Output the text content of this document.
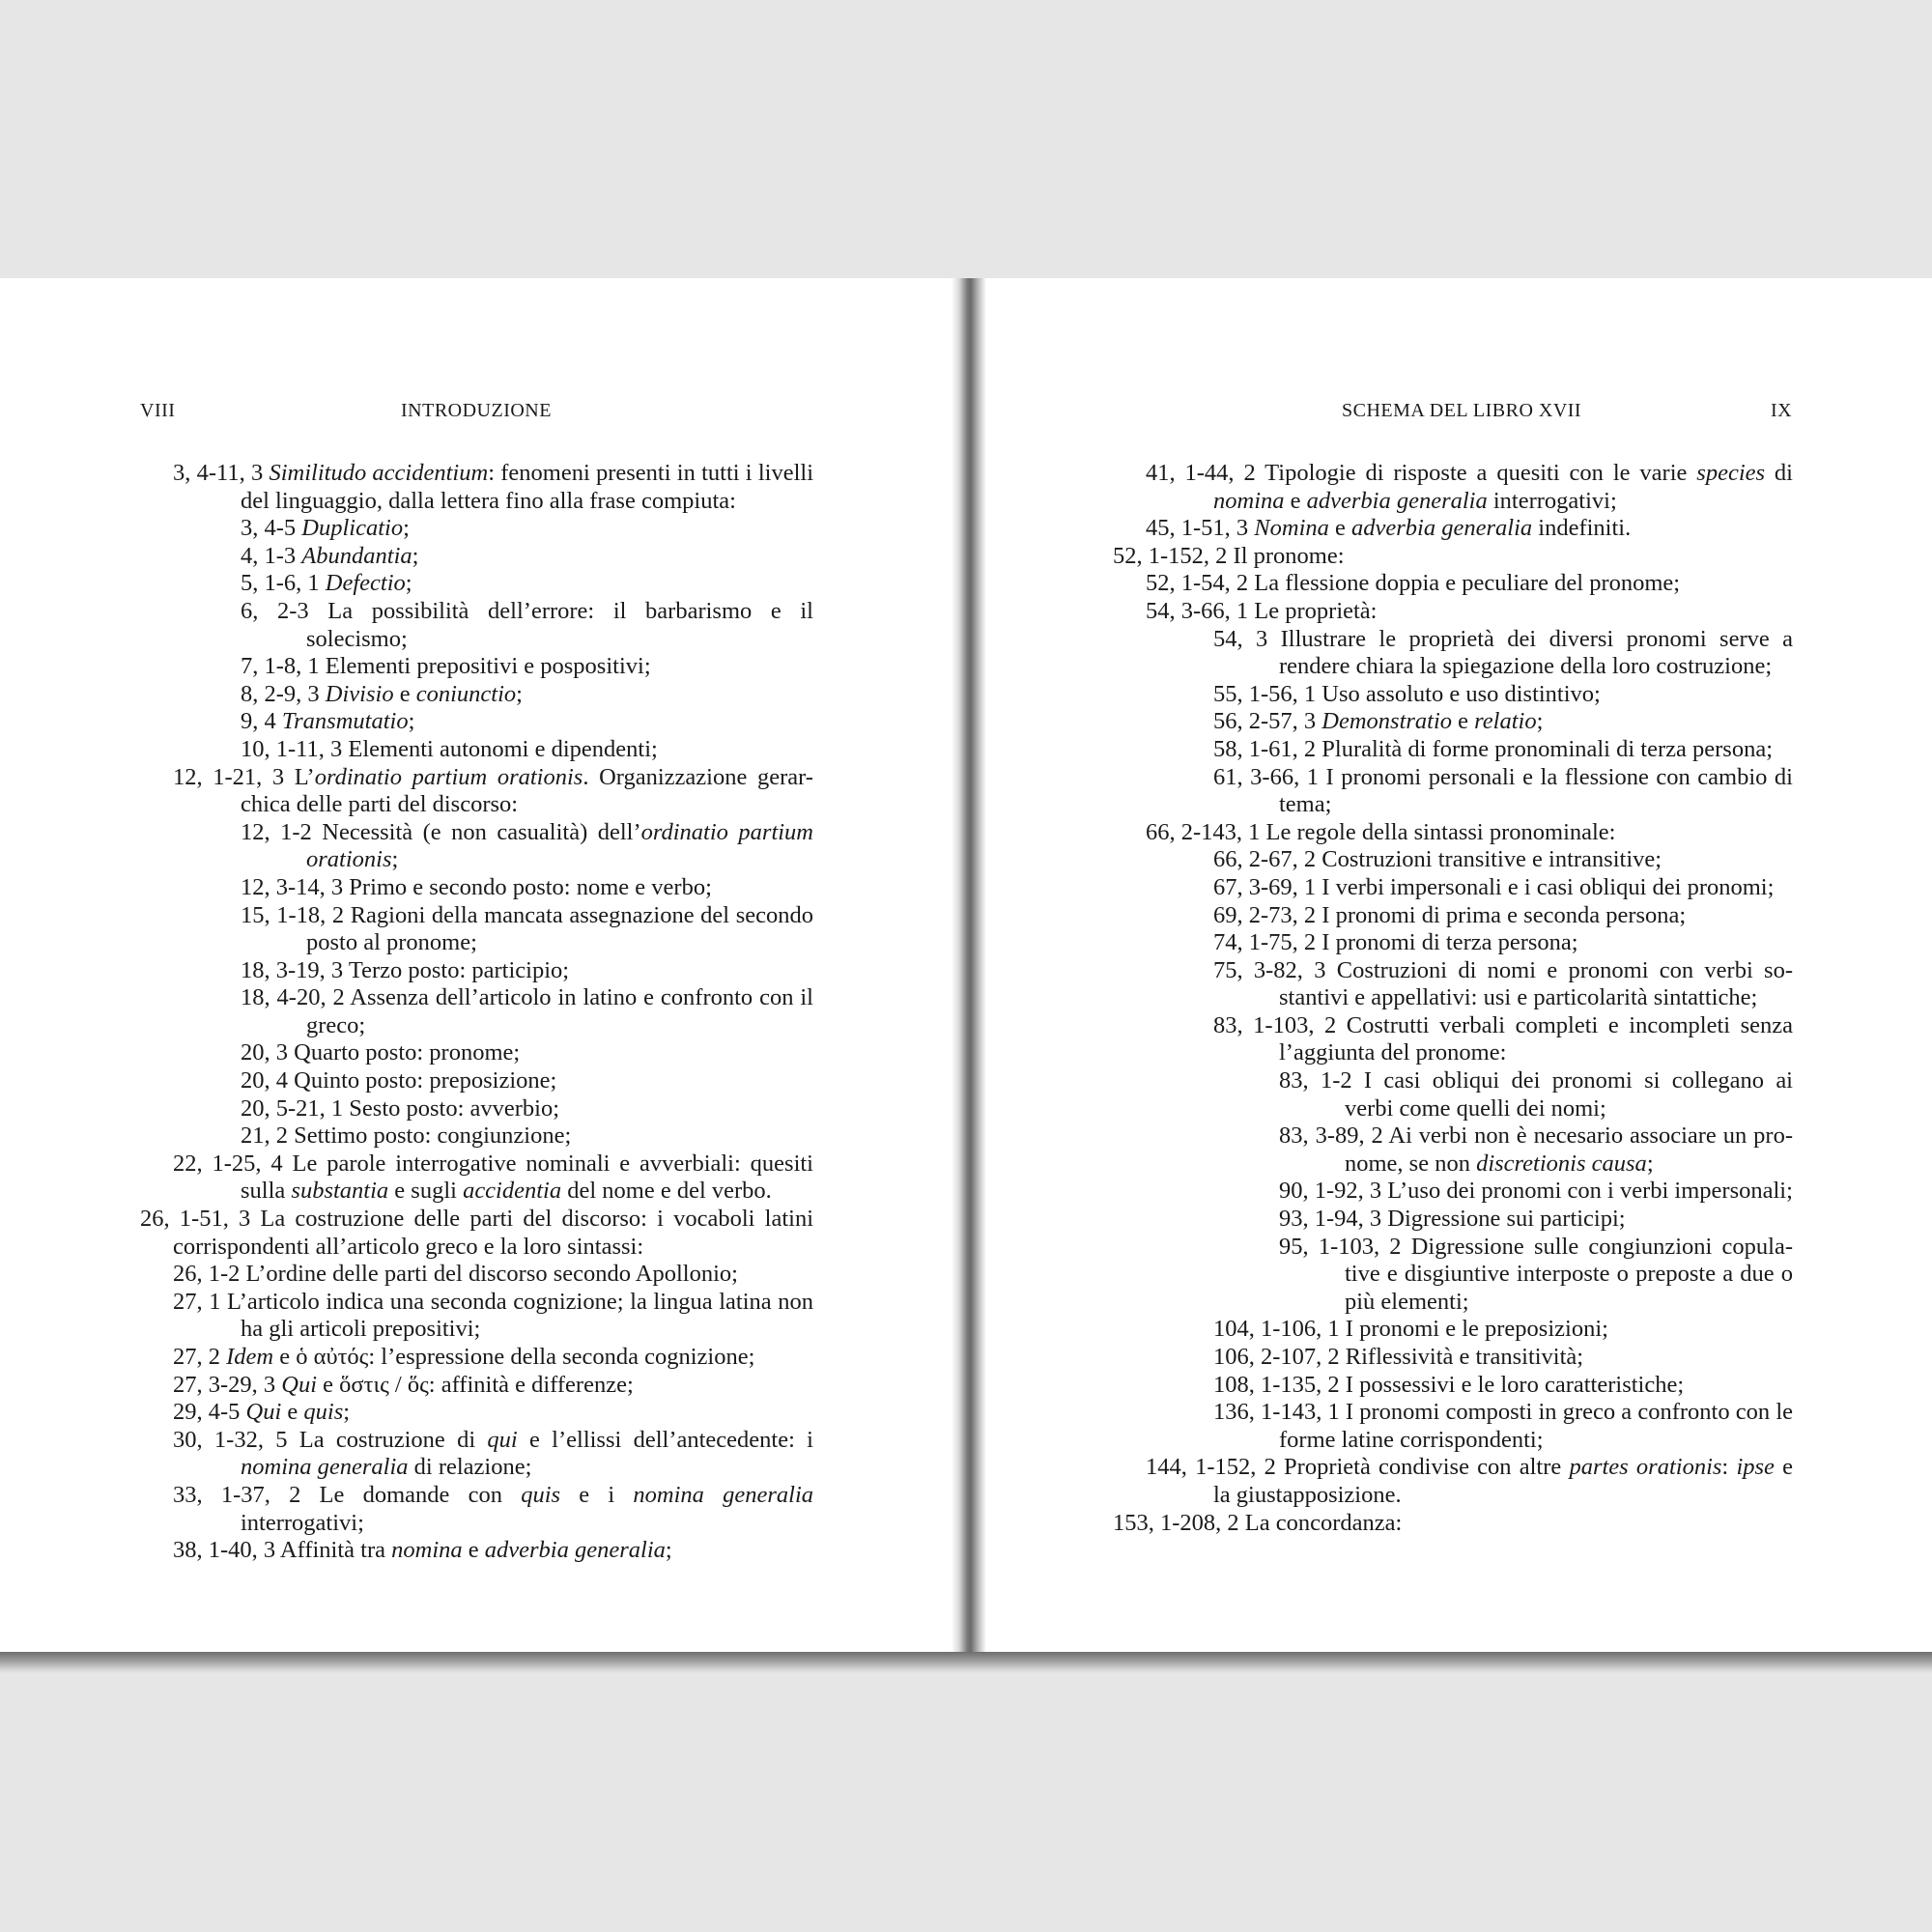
VIII	INTRODUZIONE
3, 4-11, 3 Similitudo accidentium: fenomeni presenti in tutti i livelli del linguaggio, dalla lettera fino alla frase compiuta:
3, 4-5 Duplicatio;
4, 1-3 Abundantia;
5, 1-6, 1 Defectio;
6, 2-3 La possibilità dell’errore: il barbarismo e il solecismo;
7, 1-8, 1 Elementi prepositivi e pospositivi;
8, 2-9, 3 Divisio e coniunctio;
9, 4 Transmutatio;
10, 1-11, 3 Elementi autonomi e dipendenti;
12, 1-21, 3 L’ordinatio partium orationis. Organizzazione gerar-chica delle parti del discorso:
12, 1-2 Necessità (e non casualità) dell’ordinatio partium orationis;
12, 3-14, 3 Primo e secondo posto: nome e verbo;
15, 1-18, 2 Ragioni della mancata assegnazione del secondo posto al pronome;
18, 3-19, 3 Terzo posto: participio;
18, 4-20, 2 Assenza dell’articolo in latino e confronto con il greco;
20, 3 Quarto posto: pronome;
20, 4 Quinto posto: preposizione;
20, 5-21, 1 Sesto posto: avverbio;
21, 2 Settimo posto: congiunzione;
22, 1-25, 4 Le parole interrogative nominali e avverbiali: quesiti sulla substantia e sugli accidentia del nome e del verbo.
26, 1-51, 3 La costruzione delle parti del discorso: i vocaboli latini corrispondenti all’articolo greco e la loro sintassi:
26, 1-2 L’ordine delle parti del discorso secondo Apollonio;
27, 1 L’articolo indica una seconda cognizione; la lingua latina non ha gli articoli prepositivi;
27, 2 Idem e ὁ αὐτός: l’espressione della seconda cognizione;
27, 3-29, 3 Qui e ὅστις / ὅς: affinità e differenze;
29, 4-5 Qui e quis;
30, 1-32, 5 La costruzione di qui e l’ellissi dell’antecedente: i nomina generalia di relazione;
33, 1-37, 2 Le domande con quis e i nomina generalia interrogativi;
38, 1-40, 3 Affinità tra nomina e adverbia generalia;
SCHEMA DEL LIBRO XVII	IX
41, 1-44, 2 Tipologie di risposte a quesiti con le varie species di nomina e adverbia generalia interrogativi;
45, 1-51, 3 Nomina e adverbia generalia indefiniti.
52, 1-152, 2 Il pronome:
52, 1-54, 2 La flessione doppia e peculiare del pronome;
54, 3-66, 1 Le proprietà:
54, 3 Illustrare le proprietà dei diversi pronomi serve a rendere chiara la spiegazione della loro costruzione;
55, 1-56, 1 Uso assoluto e uso distintivo;
56, 2-57, 3 Demonstratio e relatio;
58, 1-61, 2 Pluralità di forme pronominali di terza persona;
61, 3-66, 1 I pronomi personali e la flessione con cambio di tema;
66, 2-143, 1 Le regole della sintassi pronominale:
66, 2-67, 2 Costruzioni transitive e intransitive;
67, 3-69, 1 I verbi impersonali e i casi obliqui dei pronomi;
69, 2-73, 2 I pronomi di prima e seconda persona;
74, 1-75, 2 I pronomi di terza persona;
75, 3-82, 3 Costruzioni di nomi e pronomi con verbi so-stantivi e appellativi: usi e particolarità sintattiche;
83, 1-103, 2 Costrutti verbali completi e incompleti senza l’aggiunta del pronome:
83, 1-2 I casi obliqui dei pronomi si collegano ai verbi come quelli dei nomi;
83, 3-89, 2 Ai verbi non è necesario associare un pro-nome, se non discretionis causa;
90, 1-92, 3 L’uso dei pronomi con i verbi impersonali;
93, 1-94, 3 Digressione sui participi;
95, 1-103, 2 Digressione sulle congiunzioni copula-tive e disgiuntive interposte o preposte a due o più elementi;
104, 1-106, 1 I pronomi e le preposizioni;
106, 2-107, 2 Riflessività e transitività;
108, 1-135, 2 I possessivi e le loro caratteristiche;
136, 1-143, 1 I pronomi composti in greco a confronto con le forme latine corrispondenti;
144, 1-152, 2 Proprietà condivise con altre partes orationis: ipse e la giustapposizione.
153, 1-208, 2 La concordanza:
